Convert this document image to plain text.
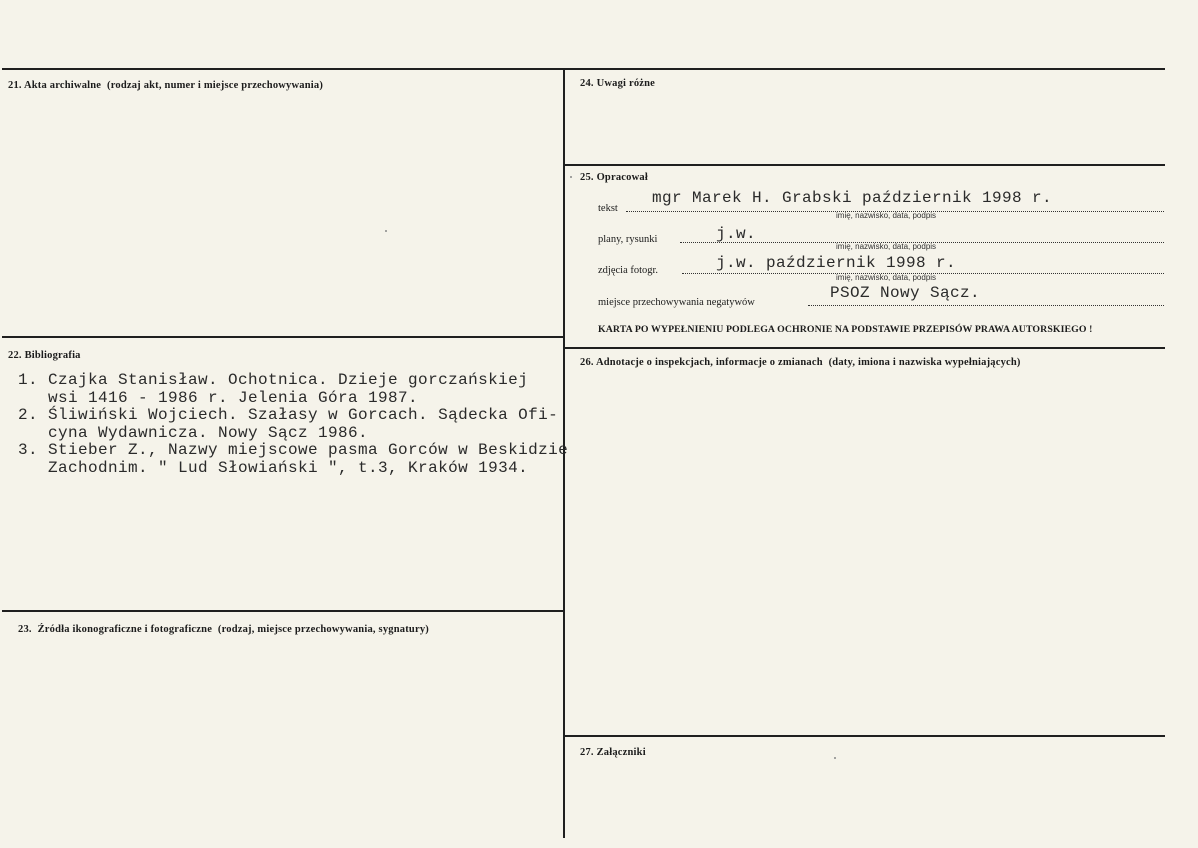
21. Akta archiwalne (rodzaj akt, numer i miejsce przechowywania)
22. Bibliografia
1. Czajka Stanisław. Ochotnica. Dzieje gorczańskiej
wsi 1416 - 1986 r. Jelenia Góra 1987.
2. Śliwiński Wojciech. Szałasy w Gorcach. Sądecka Ofi-
cyna Wydawnicza. Nowy Sącz 1986.
3. Stieber Z., Nazwy miejscowe pasma Gorców w Beskidzie
Zachodnim. " Lud Słowiański ", t.3, Kraków 1934.
23. Źródła ikonograficzne i fotograficzne (rodzaj, miejsce przechowywania, sygnatury)
24. Uwagi różne
25. Opracował
tekst
mgr Marek H. Grabski październik 1998 r.
imię, nazwisko, data, podpis
plany, rysunki	j.w.
imię, nazwisko, data, podpis
zdjęcia fotogr.	j.w. październik 1998 r.
imię, nazwisko, data, podpis
miejsce przechowywania negatywów
PSOZ Nowy Sącz.
KARTA PO WYPEŁNIENIU PODLEGA OCHRONIE NA PODSTAWIE PRZEPISÓW PRAWA AUTORSKIEGO !
26. Adnotacje o inspekcjach, informacje o zmianach (daty, imiona i nazwiska wypełniających)
27. Załączniki
